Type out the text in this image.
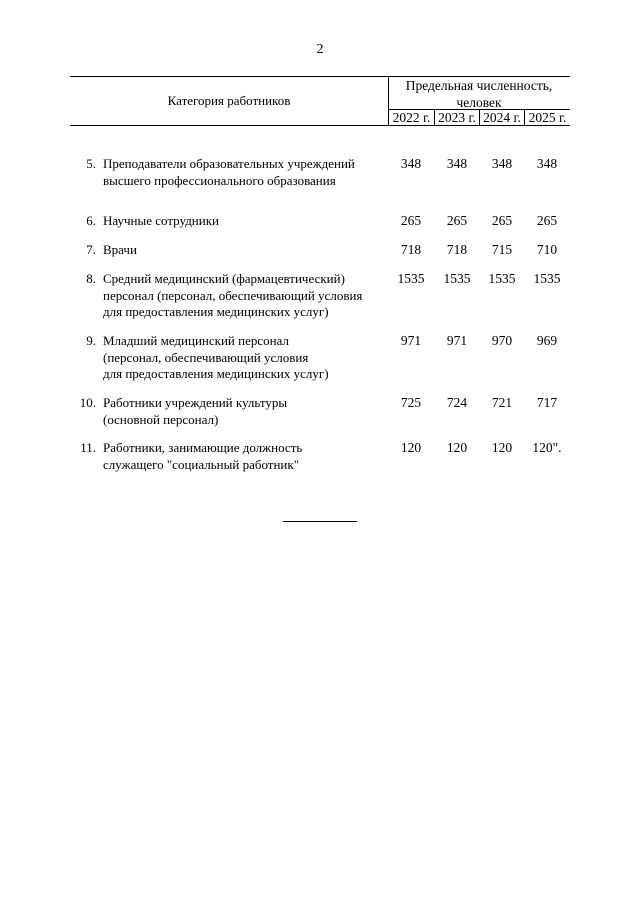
2
Категория работников
Предельная численность,
человек
2022 г. 2023 г. 2024 г. 2025 г.
5. Преподаватели образовательных учреждений
высшего профессионального образования
348	348	348	348
6. Научные сотрудники	265	265	265	265
7. Врачи	718	718	715	710
8. Средний медицинский (фармацевтический)
персонал (персонал, обеспечивающий условия
для предоставления медицинских услуг)
1535	1535	1535	1535
9. Младший медицинский персонал
(персонал, обеспечивающий условия
для предоставления медицинских услуг)
971	971	970	969
10. Работники учреждений культуры
(основной персонал)
725	724	721	717
11. Работники, занимающие должность
служащего "социальный работник"
120	120	120	120".
